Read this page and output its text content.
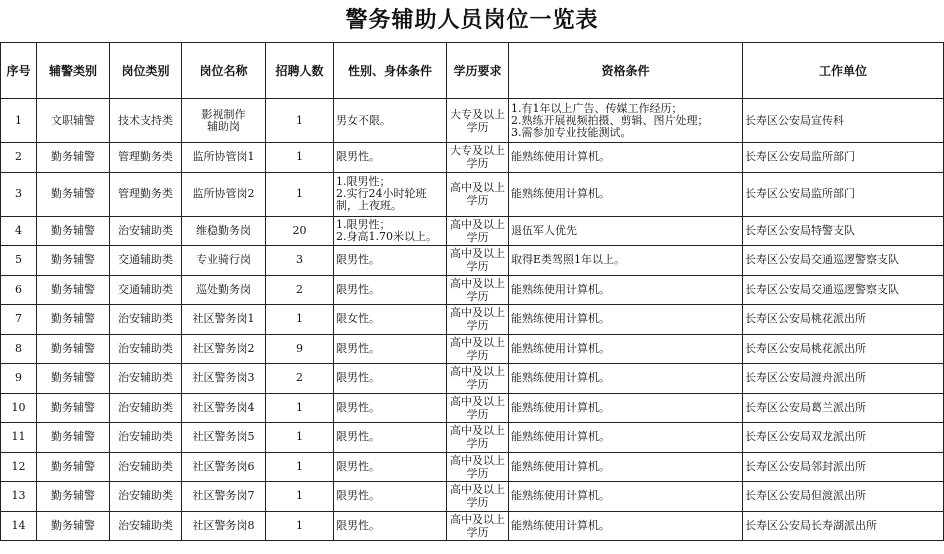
警务辅助人员岗位一览表
序号	辅警类别	岗位类别	岗位名称	招聘人数	性别、身体条件	学历要求	资格条件	工作单位
1	文职辅警	技术支持类	影视制作
辅助岗	1	男女不限。	大专及以上
学历	1.有1年以上广告、传媒工作经历；
2.熟练开展视频拍摄、剪辑、图片处理；
3.需参加专业技能测试。	长寿区公安局宣传科
2	勤务辅警	管理勤务类	监所协管岗1	1	限男性。	大专及以上
学历	能熟练使用计算机。	长寿区公安局监所部门
3	勤务辅警	管理勤务类	监所协管岗2	1	1.限男性；
2.实行24小时轮班
制，上夜班。	高中及以上
学历	能熟练使用计算机。	长寿区公安局监所部门
4	勤务辅警	治安辅助类	维稳勤务岗	20	1.限男性；
2.身高1.70米以上。	高中及以上
学历	退伍军人优先	长寿区公安局特警支队
5	勤务辅警	交通辅助类	专业骑行岗	3	限男性。	高中及以上
学历	取得E类驾照1年以上。	长寿区公安局交通巡逻警察支队
6	勤务辅警	交通辅助类	巡处勤务岗	2	限男性。	高中及以上
学历	能熟练使用计算机。	长寿区公安局交通巡逻警察支队
7	勤务辅警	治安辅助类	社区警务岗1	1	限女性。	高中及以上
学历	能熟练使用计算机。	长寿区公安局桃花派出所
8	勤务辅警	治安辅助类	社区警务岗2	9	限男性。	高中及以上
学历	能熟练使用计算机。	长寿区公安局桃花派出所
9	勤务辅警	治安辅助类	社区警务岗3	2	限男性。	高中及以上
学历	能熟练使用计算机。	长寿区公安局渡舟派出所
10	勤务辅警	治安辅助类	社区警务岗4	1	限男性。	高中及以上
学历	能熟练使用计算机。	长寿区公安局葛兰派出所
11	勤务辅警	治安辅助类	社区警务岗5	1	限男性。	高中及以上
学历	能熟练使用计算机。	长寿区公安局双龙派出所
12	勤务辅警	治安辅助类	社区警务岗6	1	限男性。	高中及以上
学历	能熟练使用计算机。	长寿区公安局邻封派出所
13	勤务辅警	治安辅助类	社区警务岗7	1	限男性。	高中及以上
学历	能熟练使用计算机。	长寿区公安局但渡派出所
14	勤务辅警	治安辅助类	社区警务岗8	1	限男性。	高中及以上
学历	能熟练使用计算机。	长寿区公安局长寿湖派出所
